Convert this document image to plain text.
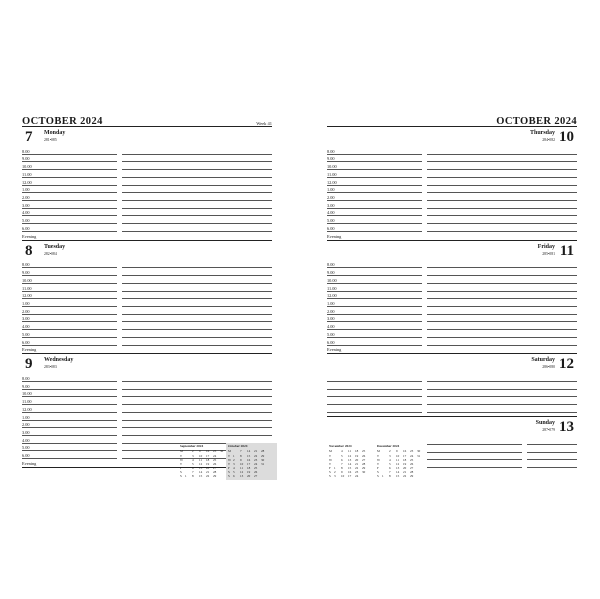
OCTOBER 2024	Week 41
7 Monday
281•085
8.00
9.00
10.00
11.00
12.00
1.00
2.00
3.00
4.00
5.00
6.00
Evening
8 Tuesday
282•084
8.00
9.00
10.00
11.00
12.00
1.00
2.00
3.00
4.00
5.00
6.00
Evening
9 Wednesday
283•083
8.00
9.00
10.00
11.00
12.00
1.00
2.00
3.00
4.00
5.00
6.00
Evening
September 2024
M	2	9	16	23	30
T	3	10	17	24
W	4	11	18	25
T	5	12	19	26
F	6	13	20	27
S	7	14	21	28
S	1	8	15	22	29
October 2024
M	7	14	21	28
T 1	8	15	22	29
W 2	9	16	23	30
T 3	10	17	24	31
F	4	11	18	25
S	5	12	19	26
S	6	13	20	27
OCTOBER 2024
10
Thursday
284•082
8.00
9.00
10.00
11.00
12.00
1.00
2.00
3.00
4.00
5.00
6.00
Evening
11
Friday
285•081
8.00
9.00
10.00
11.00
12.00
1.00
2.00
3.00
4.00
5.00
6.00
Evening
12
Saturday
286•080
13
Sunday
287•079
November 2024
M	4	11	18	25
T	5	12	19	26
W	6	13	20	27
T	7	14	21	28
F	1	8	15	22	29
S	2	9	16	23	30
S	3	10	17	24
December 2024
M	2	9	16	23	30
T	3	10	17	24	31
W	4	11	18	25
T	5	12	19	26
F	6	13	20	27
S	7	14	21	28
S	1	8	15	22	29
